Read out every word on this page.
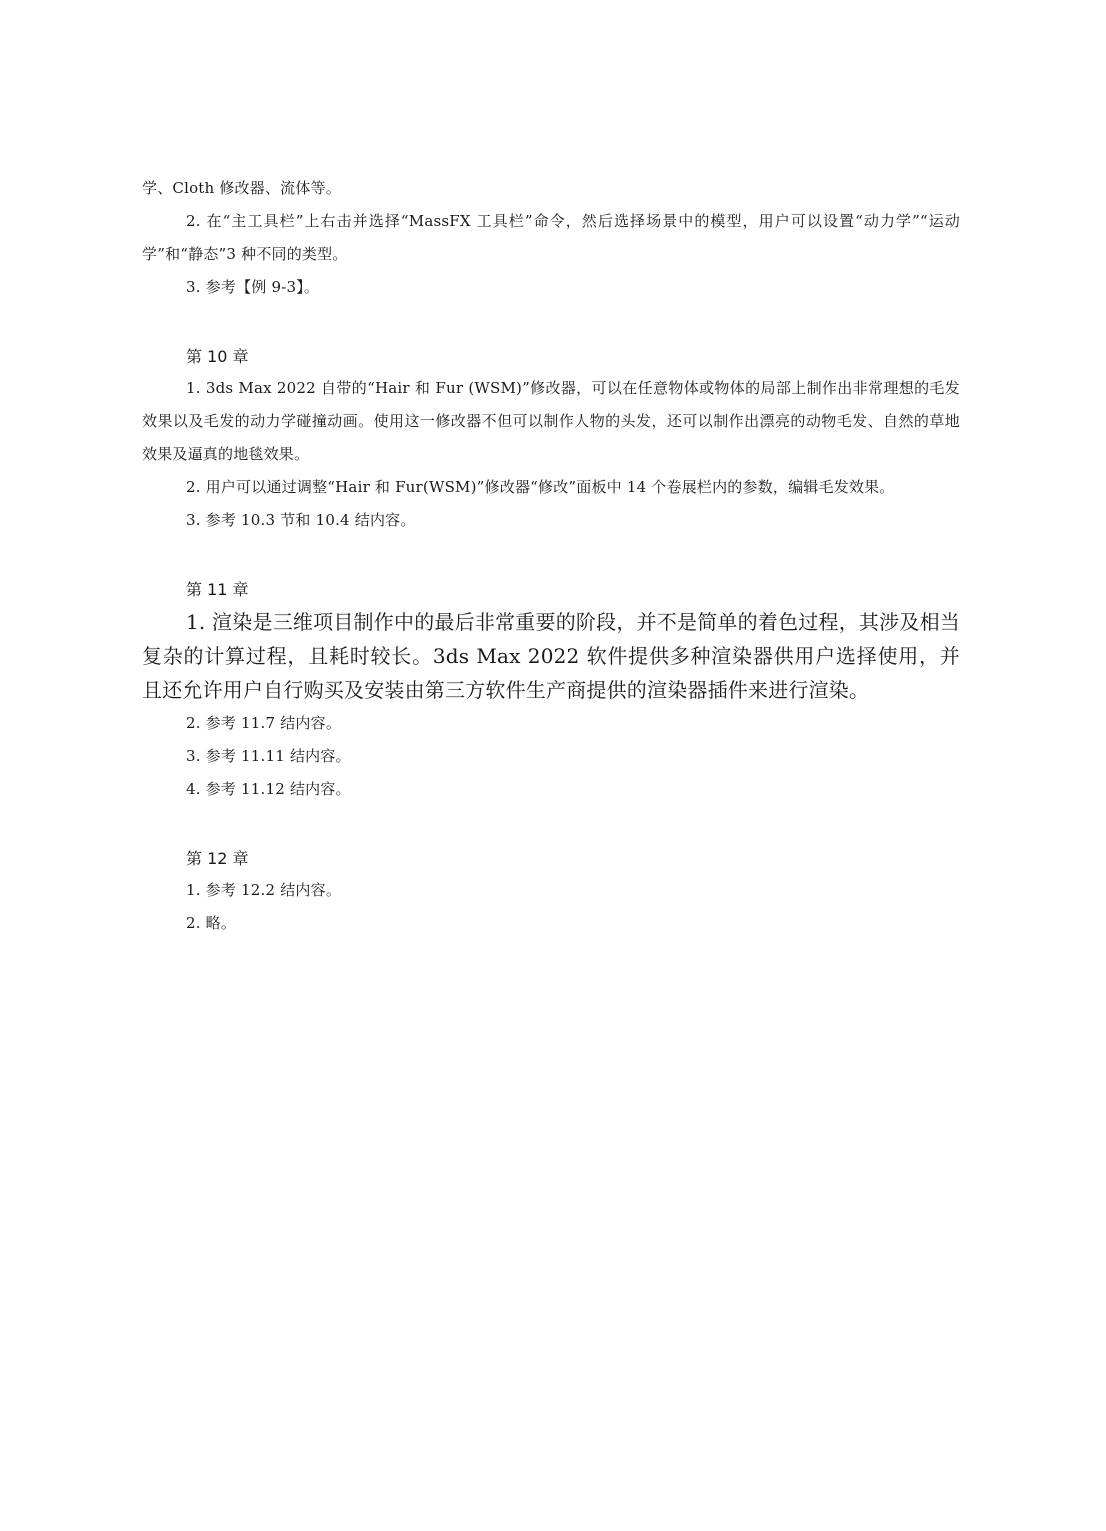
学、Cloth 修改器、流体等。

2. 在“主工具栏”上右击并选择“MassFX 工具栏”命令，然后选择场景中的模型，用户可以设置“动力学”“运动学”和“静态”3 种不同的类型。

3. 参考【例 9-3】。

第 10 章

1. 3ds Max 2022 自带的“Hair 和 Fur (WSM)”修改器，可以在任意物体或物体的局部上制作出非常理想的毛发效果以及毛发的动力学碰撞动画。使用这一修改器不但可以制作人物的头发，还可以制作出漂亮的动物毛发、自然的草地效果及逼真的地毯效果。

2. 用户可以通过调整“Hair 和 Fur(WSM)”修改器“修改”面板中 14 个卷展栏内的参数，编辑毛发效果。

3. 参考 10.3 节和 10.4 结内容。

第 11 章

1. 渲染是三维项目制作中的最后非常重要的阶段，并不是简单的着色过程，其涉及相当复杂的计算过程，且耗时较长。3ds Max 2022 软件提供多种渲染器供用户选择使用，并且还允许用户自行购买及安装由第三方软件生产商提供的渲染器插件来进行渲染。

2. 参考 11.7 结内容。

3. 参考 11.11 结内容。

4. 参考 11.12 结内容。

第 12 章

1. 参考 12.2 结内容。

2. 略。
